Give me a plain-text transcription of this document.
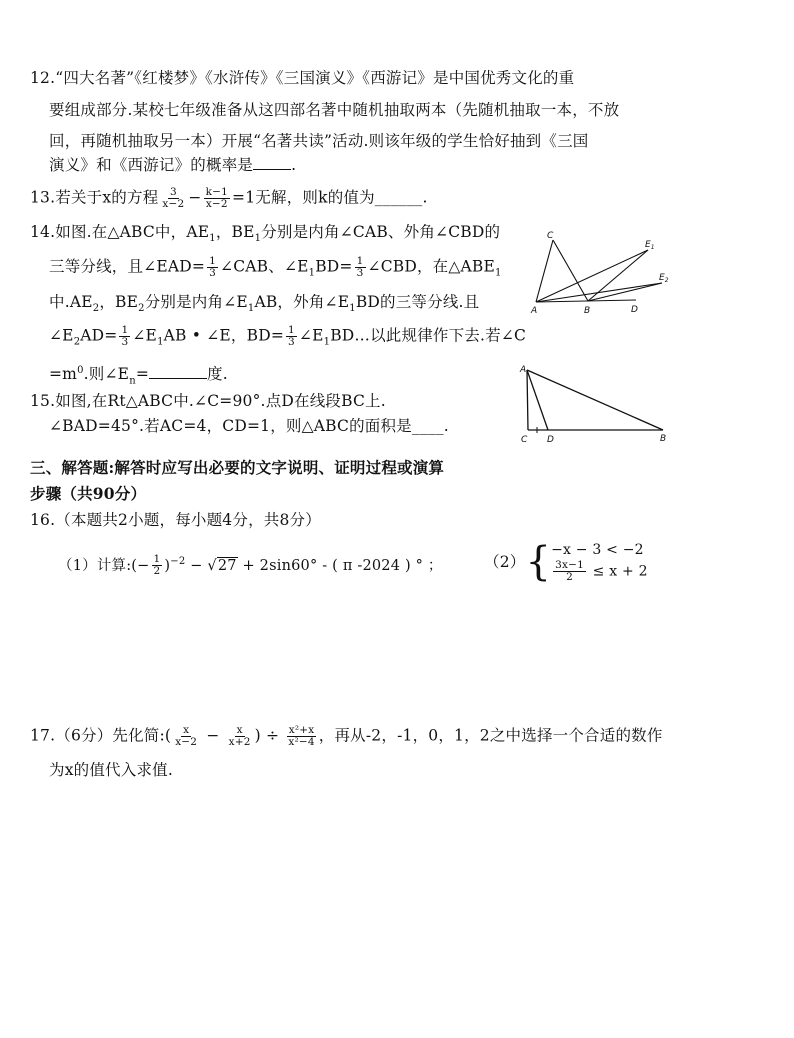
12.“四大名著”《红楼梦》《水浒传》《三国演义》《西游记》是中国优秀文化的重
要组成部分.某校七年级准备从这四部名著中随机抽取两本（先随机抽取一本，不放
回，再随机抽取另一本）开展“名著共读”活动.则该年级的学生恰好抽到《三国
演义》和《西游记》的概率是 .
13.若关于x的方程 $\frac{3}{x-2} - \frac{k-1}{x-2} =1$无解，则k的值为______.
14.如图.在△ABC中，$AE_1$，$BE_1$分别是内角∠CAB、外角∠CBD的
三等分线，且∠EAD= $\frac{1}{3}$ ∠CAB、$\angle E_1BD= \frac{1}{3}$ ∠CBD，在$\triangle ABE_1$
中$.AE_2$，$BE_2$分别是内角$\angle E_1AB$，外角$\angle E_1BD$的三等分线.且
$\angle E_2AD= \frac{1}{3}$ $\angle E_1AB$ • ∠E，$BD= \frac{1}{3}$ $\angle E_1BD\dots$以此规律作下去.若∠C
$=m^0$.则$\angle E_n=$	度.
C
$E_1$
$E_2$
A	B	D
15.如图,在Rt△ABC中.∠C=90°.点D在线段BC上.
∠BAD=45°.若AC=4，CD=1，则△ABC的面积是____.
A
C D	B
三、解答题:解答时应写出必要的文字说明、证明过程或演算
步骤（共90分）
16.（本题共2小题，每小题4分，共8分）
（1）计算:(− $\frac{1}{2} )^{-2} - √27 + 2\sin 60^\circ$ - ( π -2024 ) ° ；	（2）{ −x − 3 < −2
$\frac{3x-1}{2} \le x + 2$
17.（6分）先化简:( $\frac{x}{x-2} - \frac{x}{x+2}$ ) ÷ $\frac{\text{x²+x}}{\text{x²−4}}$ ，再从-2，-1，0，1，2之中选择一个合适的数作
为x的值代入求值.
